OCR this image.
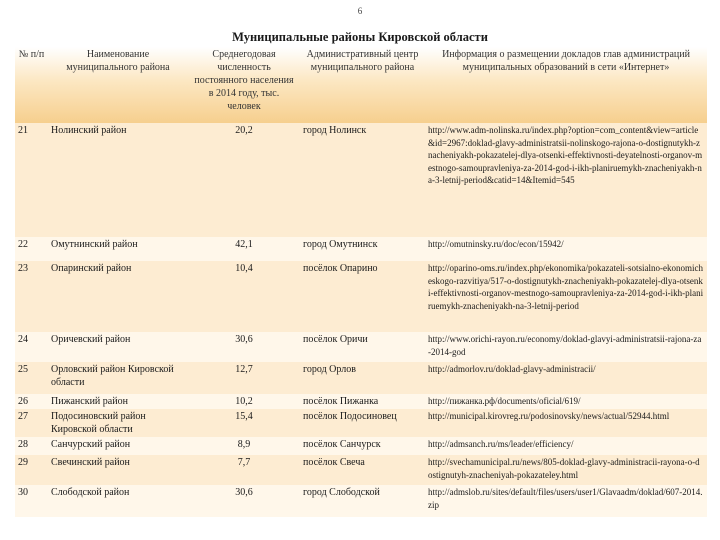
6
Муниципальные районы Кировской области
№ п/п	Наименование муниципального района	Среднегодовая численность постоянного населения в 2014 году, тыс. человек	Административный центр муниципального района	Информация о размещении докладов глав администраций муниципальных образований в сети «Интернет»
21	Нолинский район	20,2	город Нолинск	http://www.adm-nolinska.ru/index.php?option=com_content&view=article&id=2967:doklad-glavy-administratsii-nolinskogo-rajona-o-dostignutykh-znacheniyakh-pokazatelej-dlya-otsenki-effektivnosti-deyatelnosti-organov-mestnogo-samoupravleniya-za-2014-god-i-ikh-planiruemykh-znacheniyakh-na-3-letnij-period&catid=14&Itemid=545
22	Омутнинский район	42,1	город Омутнинск	http://omutninsky.ru/doc/econ/15942/
23	Опаринский район	10,4	посёлок Опарино	http://oparino-oms.ru/index.php/ekonomika/pokazateli-sotsialno-ekonomicheskogo-razvitiya/517-o-dostignutykh-znacheniyakh-pokazatelej-dlya-otsenki-effektivnosti-organov-mestnogo-samoupravleniya-za-2014-god-i-ikh-planiruemykh-znacheniyakh-na-3-letnij-period
24	Оричевский район	30,6	посёлок Оричи	http://www.orichi-rayon.ru/economy/doklad-glavyi-administratsii-rajona-za-2014-god
25	Орловский район Кировской области	12,7	город Орлов	http://admorlov.ru/doklad-glavy-administracii/
26	Пижанский район	10,2	посёлок Пижанка	http://пижанка.рф/documents/oficial/619/
27	Подосиновский район Кировской области	15,4	посёлок Подосиновец	http://municipal.kirovreg.ru/podosinovsky/news/actual/52944.html
28	Санчурский район	8,9	посёлок Санчурск	http://admsanch.ru/ms/leader/efficiency/
29	Свечинский район	7,7	посёлок Свеча	http://svechamunicipal.ru/news/805-doklad-glavy-administracii-rayona-o-dostignutyh-znacheniyah-pokazateley.html
30	Слободской район	30,6	город Слободской	http://admslob.ru/sites/default/files/users/user1/Glavaadm/doklad/607-2014.zip
